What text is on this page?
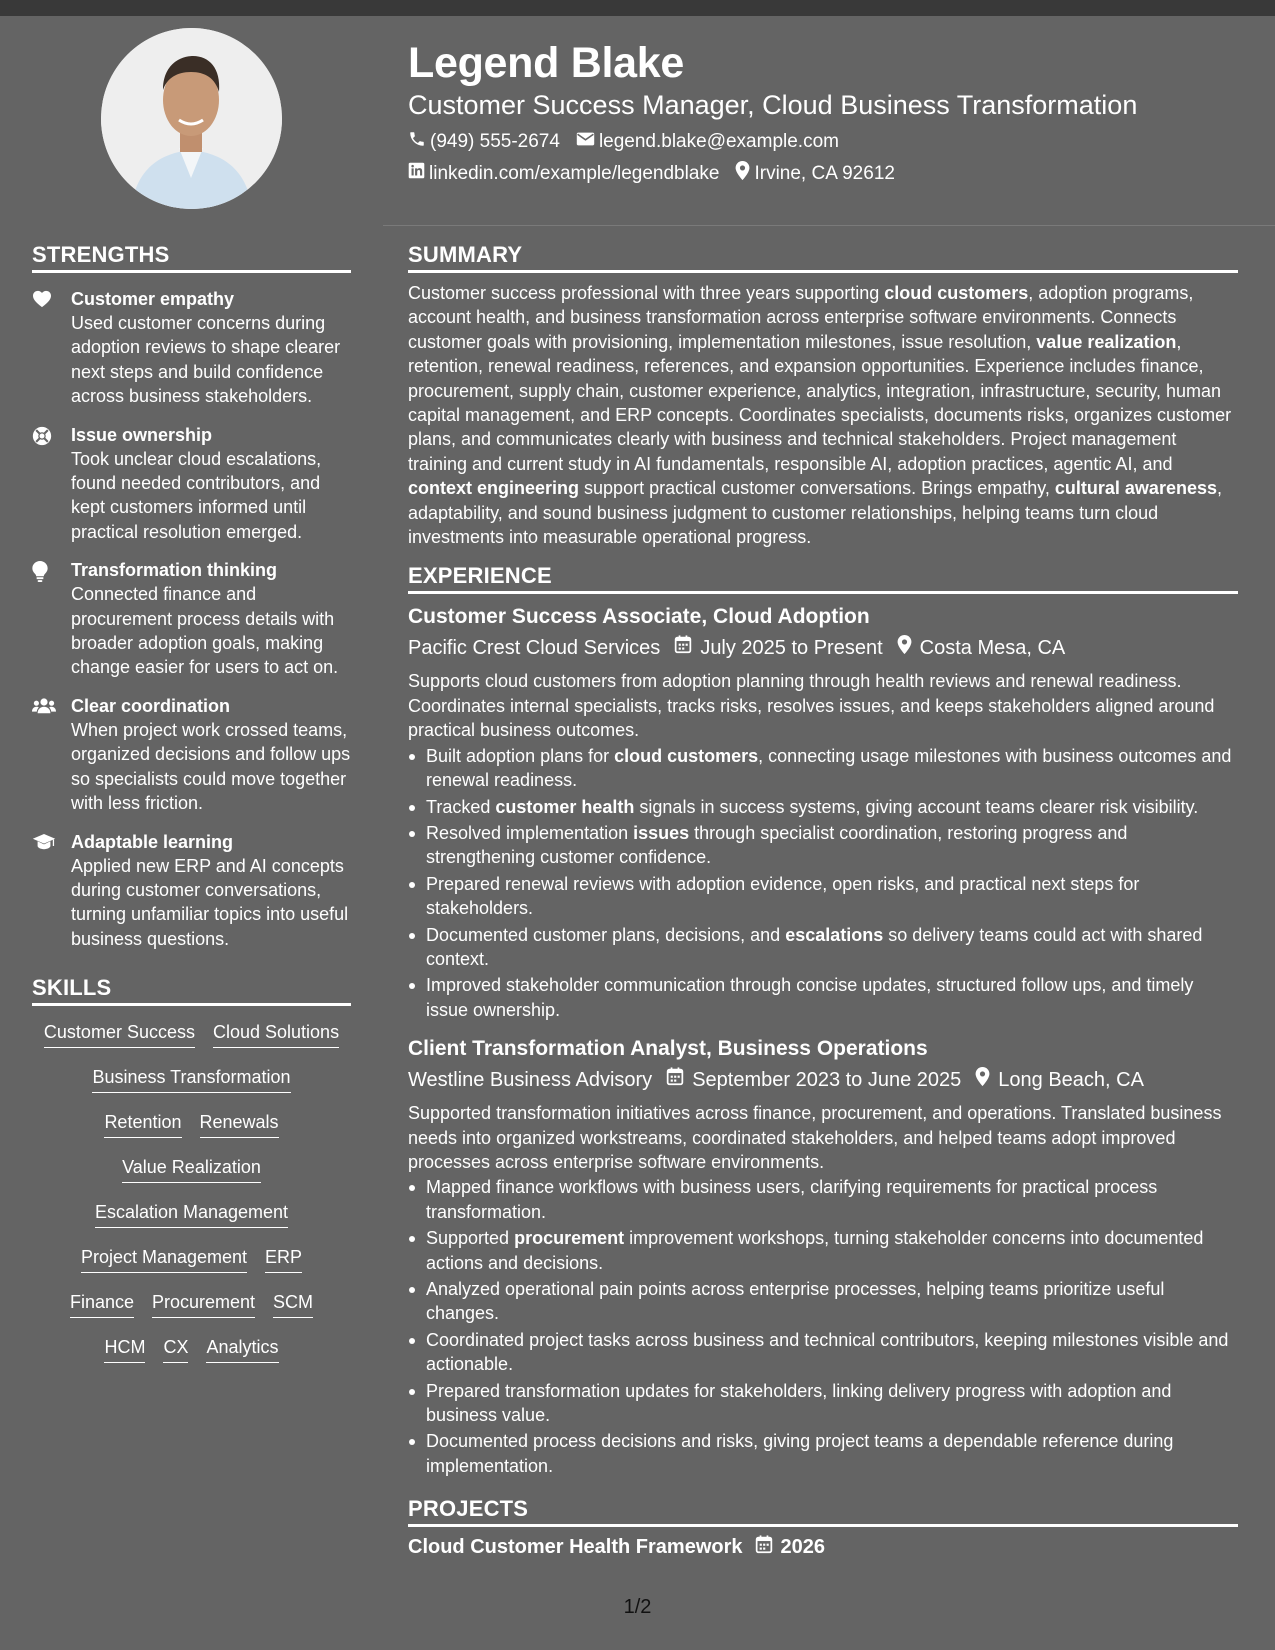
Legend Blake
Customer Success Manager, Cloud Business Transformation
(949) 555-2674 legend.blake@example.com
linkedin.com/example/legendblake Irvine, CA 92612
STRENGTHS
Customer empathy
Used customer concerns during adoption reviews to shape clearer next steps and build confidence across business stakeholders.
Issue ownership
Took unclear cloud escalations, found needed contributors, and kept customers informed until practical resolution emerged.
Transformation thinking
Connected finance and procurement process details with broader adoption goals, making change easier for users to act on.
Clear coordination
When project work crossed teams, organized decisions and follow ups so specialists could move together with less friction.
Adaptable learning
Applied new ERP and AI concepts during customer conversations, turning unfamiliar topics into useful business questions.
SKILLS
Customer Success Cloud Solutions
Business Transformation
Retention Renewals
Value Realization
Escalation Management
Project Management ERP
Finance Procurement SCM
HCM CX Analytics
SUMMARY
Customer success professional with three years supporting cloud customers, adoption programs, account health, and business transformation across enterprise software environments. Connects customer goals with provisioning, implementation milestones, issue resolution, value realization, retention, renewal readiness, references, and expansion opportunities. Experience includes finance, procurement, supply chain, customer experience, analytics, integration, infrastructure, security, human capital management, and ERP concepts. Coordinates specialists, documents risks, organizes customer plans, and communicates clearly with business and technical stakeholders. Project management training and current study in AI fundamentals, responsible AI, adoption practices, agentic AI, and context engineering support practical customer conversations. Brings empathy, cultural awareness, adaptability, and sound business judgment to customer relationships, helping teams turn cloud investments into measurable operational progress.
EXPERIENCE
Customer Success Associate, Cloud Adoption
Pacific Crest Cloud Services July 2025 to Present Costa Mesa, CA
Supports cloud customers from adoption planning through health reviews and renewal readiness. Coordinates internal specialists, tracks risks, resolves issues, and keeps stakeholders aligned around practical business outcomes.
Built adoption plans for cloud customers, connecting usage milestones with business outcomes and renewal readiness.
Tracked customer health signals in success systems, giving account teams clearer risk visibility.
Resolved implementation issues through specialist coordination, restoring progress and strengthening customer confidence.
Prepared renewal reviews with adoption evidence, open risks, and practical next steps for stakeholders.
Documented customer plans, decisions, and escalations so delivery teams could act with shared context.
Improved stakeholder communication through concise updates, structured follow ups, and timely issue ownership.
Client Transformation Analyst, Business Operations
Westline Business Advisory September 2023 to June 2025 Long Beach, CA
Supported transformation initiatives across finance, procurement, and operations. Translated business needs into organized workstreams, coordinated stakeholders, and helped teams adopt improved processes across enterprise software environments.
Mapped finance workflows with business users, clarifying requirements for practical process transformation.
Supported procurement improvement workshops, turning stakeholder concerns into documented actions and decisions.
Analyzed operational pain points across enterprise processes, helping teams prioritize useful changes.
Coordinated project tasks across business and technical contributors, keeping milestones visible and actionable.
Prepared transformation updates for stakeholders, linking delivery progress with adoption and business value.
Documented process decisions and risks, giving project teams a dependable reference during implementation.
PROJECTS
Cloud Customer Health Framework 2026
1/2
